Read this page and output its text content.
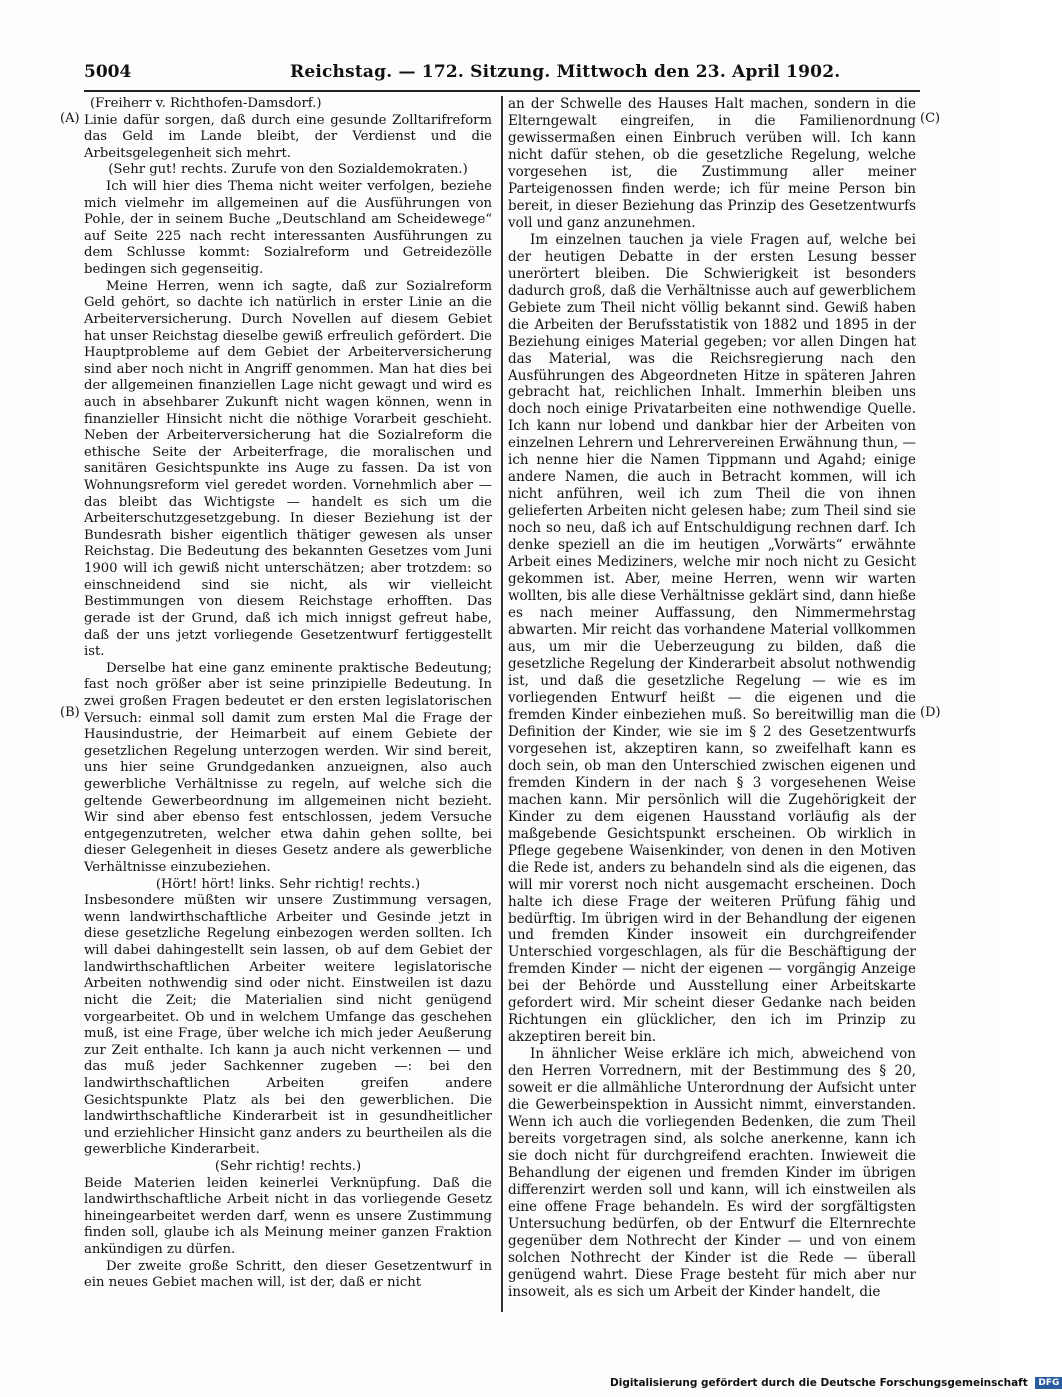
5004	Reichstag. — 172. Sitzung. Mittwoch den 23. April 1902.
(A)
(B)
(C)
(D)

(Freiherr v. Richthofen-Damsdorf.)

Linie dafür sorgen, daß durch eine gesunde Zolltarifreform das Geld im Lande bleibt, der Verdienst und die Arbeitsgelegenheit sich mehrt.

(Sehr gut! rechts. Zurufe von den Sozialdemokraten.)

Ich will hier dies Thema nicht weiter verfolgen, beziehe mich vielmehr im allgemeinen auf die Ausführungen von Pohle, der in seinem Buche „Deutschland am Scheidewege“ auf Seite 225 nach recht interessanten Ausführungen zu dem Schlusse kommt: Sozialreform und Getreidezölle bedingen sich gegenseitig.

Meine Herren, wenn ich sagte, daß zur Sozialreform Geld gehört, so dachte ich natürlich in erster Linie an die Arbeiterversicherung. Durch Novellen auf diesem Gebiet hat unser Reichstag dieselbe gewiß erfreulich gefördert. Die Hauptprobleme auf dem Gebiet der Arbeiterversicherung sind aber noch nicht in Angriff genommen. Man hat dies bei der allgemeinen finanziellen Lage nicht gewagt und wird es auch in absehbarer Zukunft nicht wagen können, wenn in finanzieller Hinsicht nicht die nöthige Vorarbeit geschieht. Neben der Arbeiterversicherung hat die Sozialreform die ethische Seite der Arbeiterfrage, die moralischen und sanitären Gesichtspunkte ins Auge zu fassen. Da ist von Wohnungsreform viel geredet worden. Vornehmlich aber — das bleibt das Wichtigste — handelt es sich um die Arbeiterschutzgesetzgebung. In dieser Beziehung ist der Bundesrath bisher eigentlich thätiger gewesen als unser Reichstag. Die Bedeutung des bekannten Gesetzes vom Juni 1900 will ich gewiß nicht unterschätzen; aber trotzdem: so einschneidend sind sie nicht, als wir vielleicht Bestimmungen von diesem Reichstage erhofften. Das gerade ist der Grund, daß ich mich innigst gefreut habe, daß der uns jetzt vorliegende Gesetzentwurf fertiggestellt ist.

Derselbe hat eine ganz eminente praktische Bedeutung; fast noch größer aber ist seine prinzipielle Bedeutung. In zwei großen Fragen bedeutet er den ersten legislatorischen Versuch: einmal soll damit zum ersten Mal die Frage der Hausindustrie, der Heimarbeit auf einem Gebiete der gesetzlichen Regelung unterzogen werden. Wir sind bereit, uns hier seine Grundgedanken anzueignen, also auch gewerbliche Verhältnisse zu regeln, auf welche sich die geltende Gewerbeordnung im allgemeinen nicht bezieht. Wir sind aber ebenso fest entschlossen, jedem Versuche entgegenzutreten, welcher etwa dahin gehen sollte, bei dieser Gelegenheit in dieses Gesetz andere als gewerbliche Verhältnisse einzubeziehen.

(Hört! hört! links. Sehr richtig! rechts.)

Insbesondere müßten wir unsere Zustimmung versagen, wenn landwirthschaftliche Arbeiter und Gesinde jetzt in diese gesetzliche Regelung einbezogen werden sollten. Ich will dabei dahingestellt sein lassen, ob auf dem Gebiet der landwirthschaftlichen Arbeiter weitere legislatorische Arbeiten nothwendig sind oder nicht. Einstweilen ist dazu nicht die Zeit; die Materialien sind nicht genügend vorgearbeitet. Ob und in welchem Umfange das geschehen muß, ist eine Frage, über welche ich mich jeder Aeußerung zur Zeit enthalte. Ich kann ja auch nicht verkennen — und das muß jeder Sachkenner zugeben —: bei den landwirthschaftlichen Arbeiten greifen andere Gesichtspunkte Platz als bei den gewerblichen. Die landwirthschaftliche Kinderarbeit ist in gesundheitlicher und erziehlicher Hinsicht ganz anders zu beurtheilen als die gewerbliche Kinderarbeit.

(Sehr richtig! rechts.)

Beide Materien leiden keinerlei Verknüpfung. Daß die landwirthschaftliche Arbeit nicht in das vorliegende Gesetz hineingearbeitet werden darf, wenn es unsere Zustimmung finden soll, glaube ich als Meinung meiner ganzen Fraktion ankündigen zu dürfen.

Der zweite große Schritt, den dieser Gesetzentwurf in ein neues Gebiet machen will, ist der, daß er nicht

an der Schwelle des Hauses Halt machen, sondern in die Elterngewalt eingreifen, in die Familienordnung gewissermaßen einen Einbruch verüben will. Ich kann nicht dafür stehen, ob die gesetzliche Regelung, welche vorgesehen ist, die Zustimmung aller meiner Parteigenossen finden werde; ich für meine Person bin bereit, in dieser Beziehung das Prinzip des Gesetzentwurfs voll und ganz anzunehmen.

Im einzelnen tauchen ja viele Fragen auf, welche bei der heutigen Debatte in der ersten Lesung besser unerörtert bleiben. Die Schwierigkeit ist besonders dadurch groß, daß die Verhältnisse auch auf gewerblichem Gebiete zum Theil nicht völlig bekannt sind. Gewiß haben die Arbeiten der Berufsstatistik von 1882 und 1895 in der Beziehung einiges Material gegeben; vor allen Dingen hat das Material, was die Reichsregierung nach den Ausführungen des Abgeordneten Hitze in späteren Jahren gebracht hat, reichlichen Inhalt. Immerhin bleiben uns doch noch einige Privatarbeiten eine nothwendige Quelle. Ich kann nur lobend und dankbar hier der Arbeiten von einzelnen Lehrern und Lehrervereinen Erwähnung thun, — ich nenne hier die Namen Tippmann und Agahd; einige andere Namen, die auch in Betracht kommen, will ich nicht anführen, weil ich zum Theil die von ihnen gelieferten Arbeiten nicht gelesen habe; zum Theil sind sie noch so neu, daß ich auf Entschuldigung rechnen darf. Ich denke speziell an die im heutigen „Vorwärts“ erwähnte Arbeit eines Mediziners, welche mir noch nicht zu Gesicht gekommen ist. Aber, meine Herren, wenn wir warten wollten, bis alle diese Verhältnisse geklärt sind, dann hieße es nach meiner Auffassung, den Nimmermehrstag abwarten. Mir reicht das vorhandene Material vollkommen aus, um mir die Ueberzeugung zu bilden, daß die gesetzliche Regelung der Kinderarbeit absolut nothwendig ist, und daß die gesetzliche Regelung — wie es im vorliegenden Entwurf heißt — die eigenen und die fremden Kinder einbeziehen muß. So bereitwillig man die Definition der Kinder, wie sie im § 2 des Gesetzentwurfs vorgesehen ist, akzeptiren kann, so zweifelhaft kann es doch sein, ob man den Unterschied zwischen eigenen und fremden Kindern in der nach § 3 vorgesehenen Weise machen kann. Mir persönlich will die Zugehörigkeit der Kinder zu dem eigenen Hausstand vorläufig als der maßgebende Gesichtspunkt erscheinen. Ob wirklich in Pflege gegebene Waisenkinder, von denen in den Motiven die Rede ist, anders zu behandeln sind als die eigenen, das will mir vorerst noch nicht ausgemacht erscheinen. Doch halte ich diese Frage der weiteren Prüfung fähig und bedürftig. Im übrigen wird in der Behandlung der eigenen und fremden Kinder insoweit ein durchgreifender Unterschied vorgeschlagen, als für die Beschäftigung der fremden Kinder — nicht der eigenen — vorgängig Anzeige bei der Behörde und Ausstellung einer Arbeitskarte gefordert wird. Mir scheint dieser Gedanke nach beiden Richtungen ein glücklicher, den ich im Prinzip zu akzeptiren bereit bin.

In ähnlicher Weise erkläre ich mich, abweichend von den Herren Vorrednern, mit der Bestimmung des § 20, soweit er die allmähliche Unterordnung der Aufsicht unter die Gewerbeinspektion in Aussicht nimmt, einverstanden. Wenn ich auch die vorliegenden Bedenken, die zum Theil bereits vorgetragen sind, als solche anerkenne, kann ich sie doch nicht für durchgreifend erachten. Inwieweit die Behandlung der eigenen und fremden Kinder im übrigen differenzirt werden soll und kann, will ich einstweilen als eine offene Frage behandeln. Es wird der sorgfältigsten Untersuchung bedürfen, ob der Entwurf die Elternrechte gegenüber dem Nothrecht der Kinder — und von einem solchen Nothrecht der Kinder ist die Rede — überall genügend wahrt. Diese Frage besteht für mich aber nur insoweit, als es sich um Arbeit der Kinder handelt, die

Digitalisierung gefördert durch die Deutsche Forschungsgemeinschaft DFG
